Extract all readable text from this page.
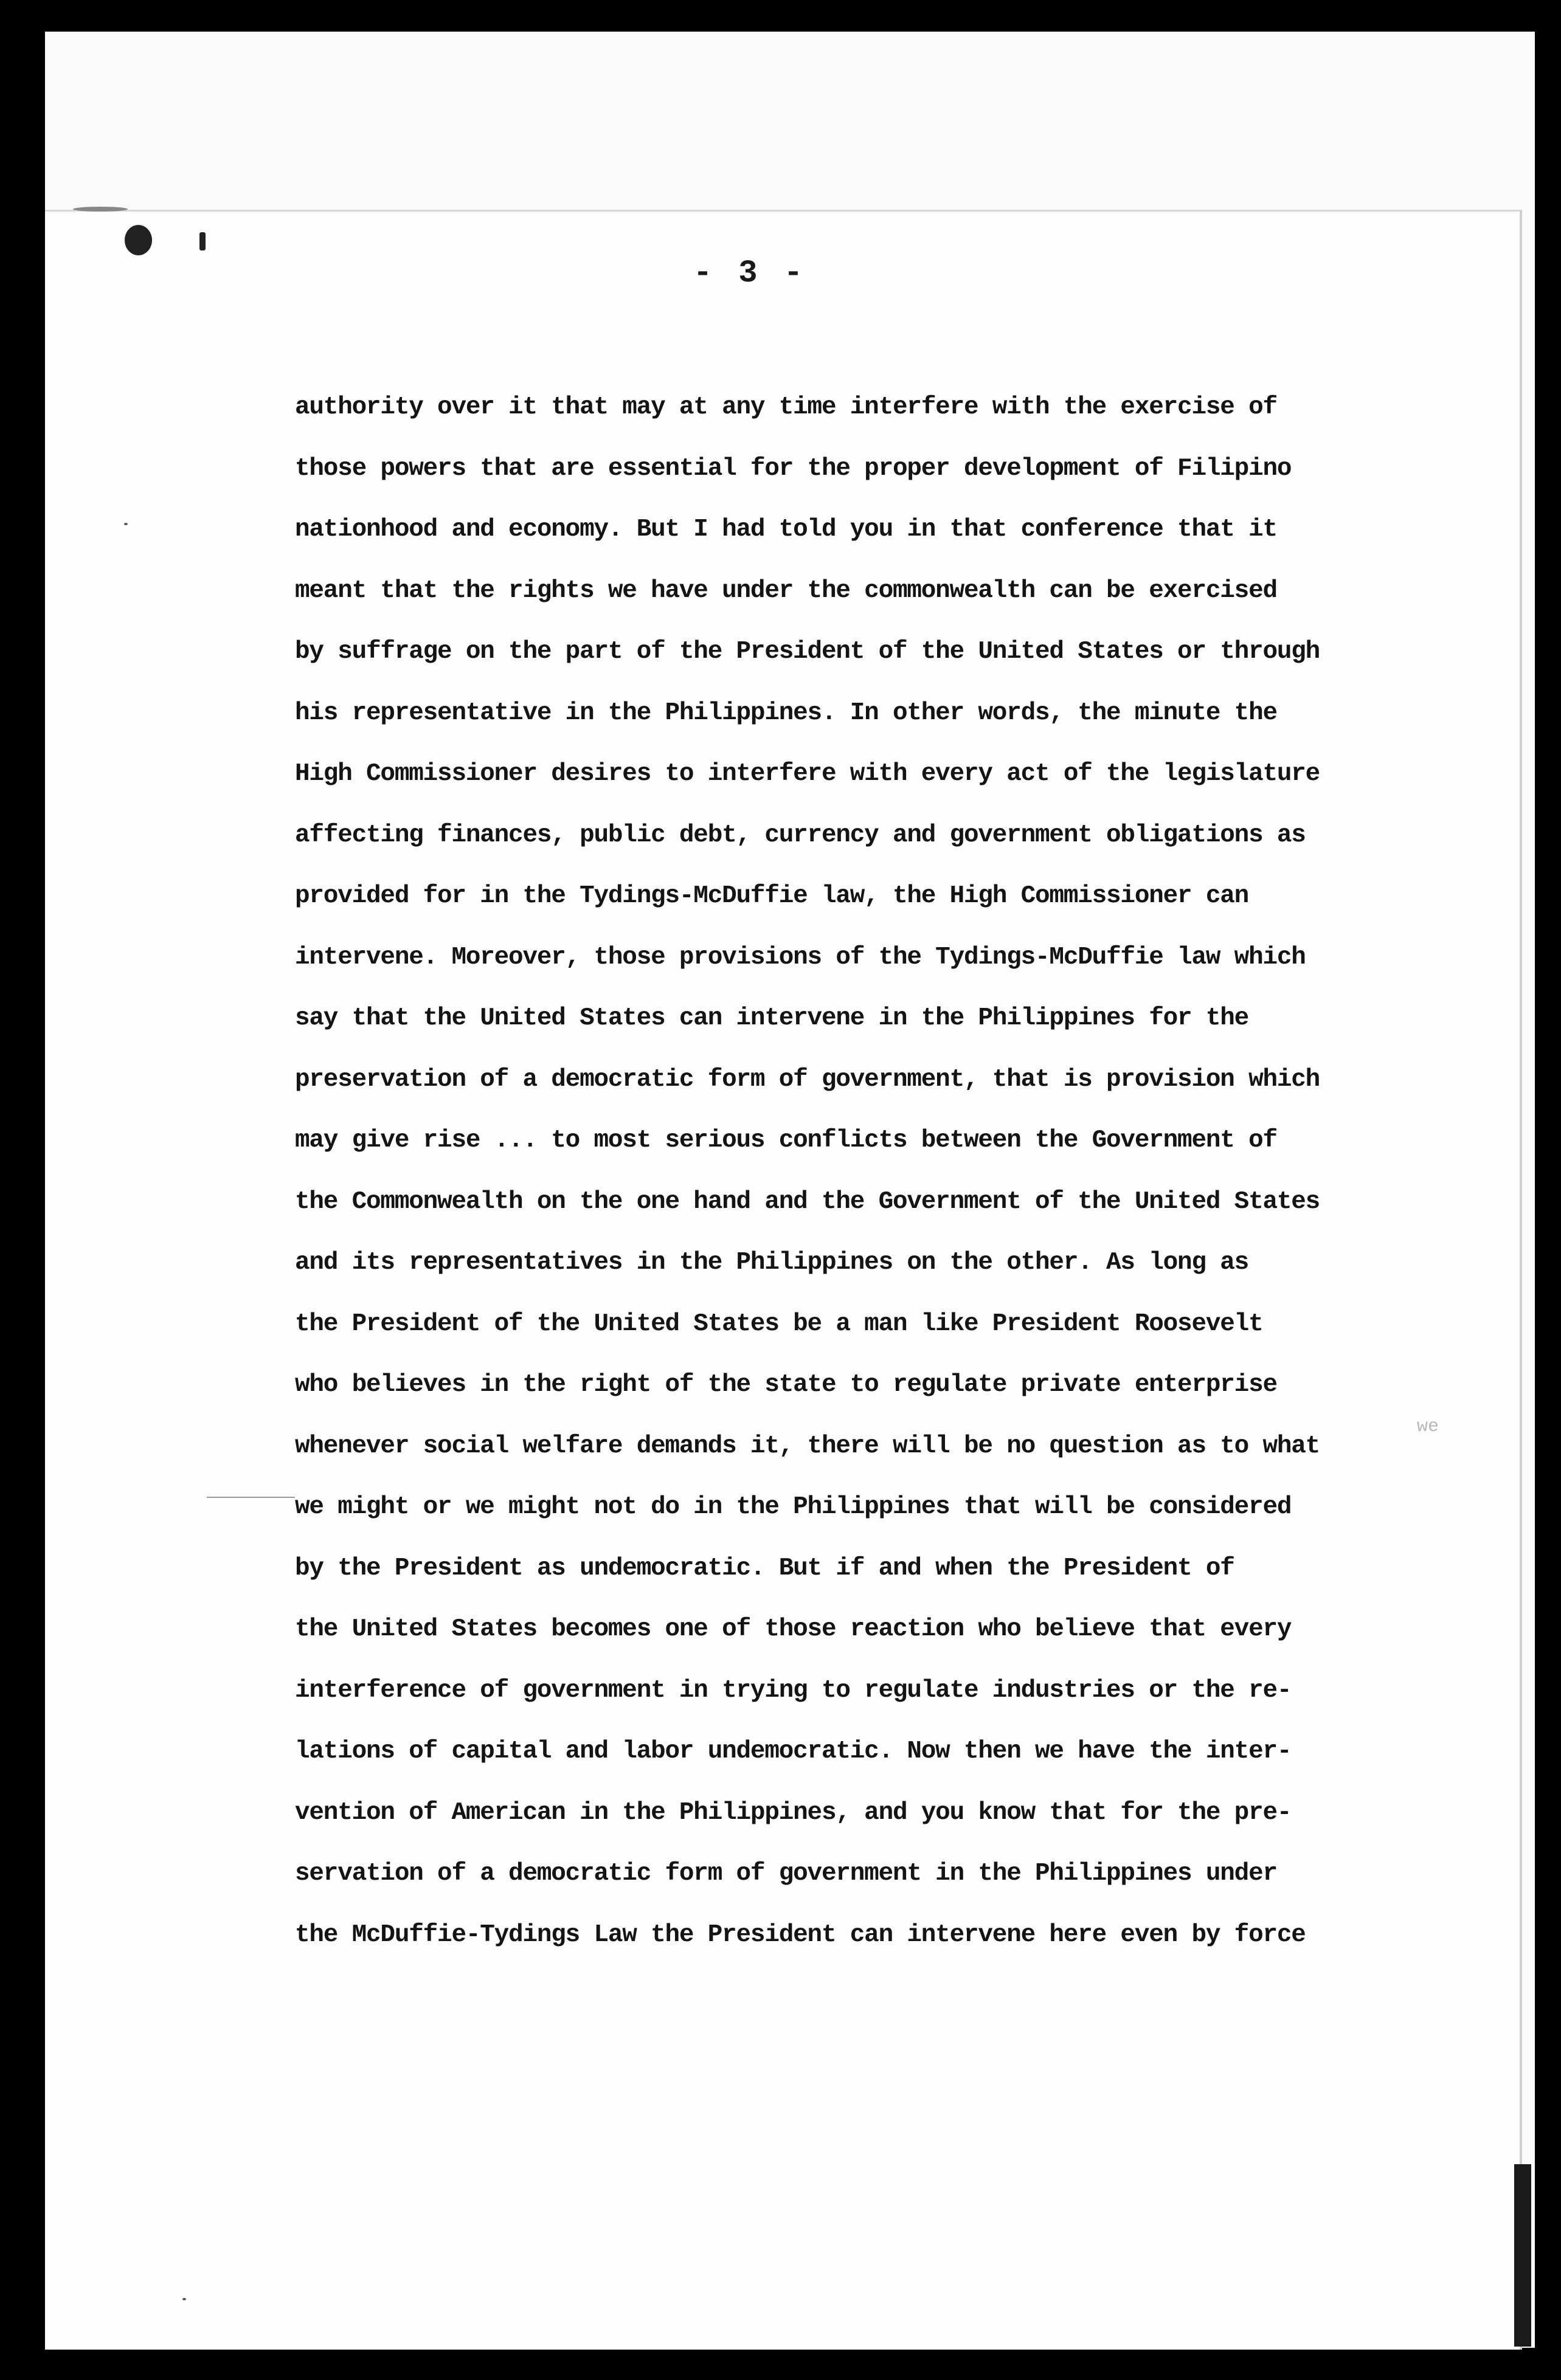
- 3 -
authority over it that may at any time interfere with the exercise of
those powers that are essential for the proper development of Filipino
nationhood and economy. But I had told you in that conference that it
meant that the rights we have under the commonwealth can be exercised
by suffrage on the part of the President of the United States or through
his representative in the Philippines. In other words, the minute the
High Commissioner desires to interfere with every act of the legislature
affecting finances, public debt, currency and government obligations as
provided for in the Tydings-McDuffie law, the High Commissioner can
intervene. Moreover, those provisions of the Tydings-McDuffie law which
say that the United States can intervene in the Philippines for the
preservation of a democratic form of government, that is provision which
may give rise ... to most serious conflicts between the Government of
the Commonwealth on the one hand and the Government of the United States
and its representatives in the Philippines on the other. As long as
the President of the United States be a man like President Roosevelt
who believes in the right of the state to regulate private enterprise
whenever social welfare demands it, there will be no question as to what
we might or we might not do in the Philippines that will be considered
by the President as undemocratic. But if and when the President of
the United States becomes one of those reaction who believe that every
interference of government in trying to regulate industries or the re-
lations of capital and labor undemocratic. Now then we have the inter-
vention of American in the Philippines, and you know that for the pre-
servation of a democratic form of government in the Philippines under
the McDuffie-Tydings Law the President can intervene here even by force
we
